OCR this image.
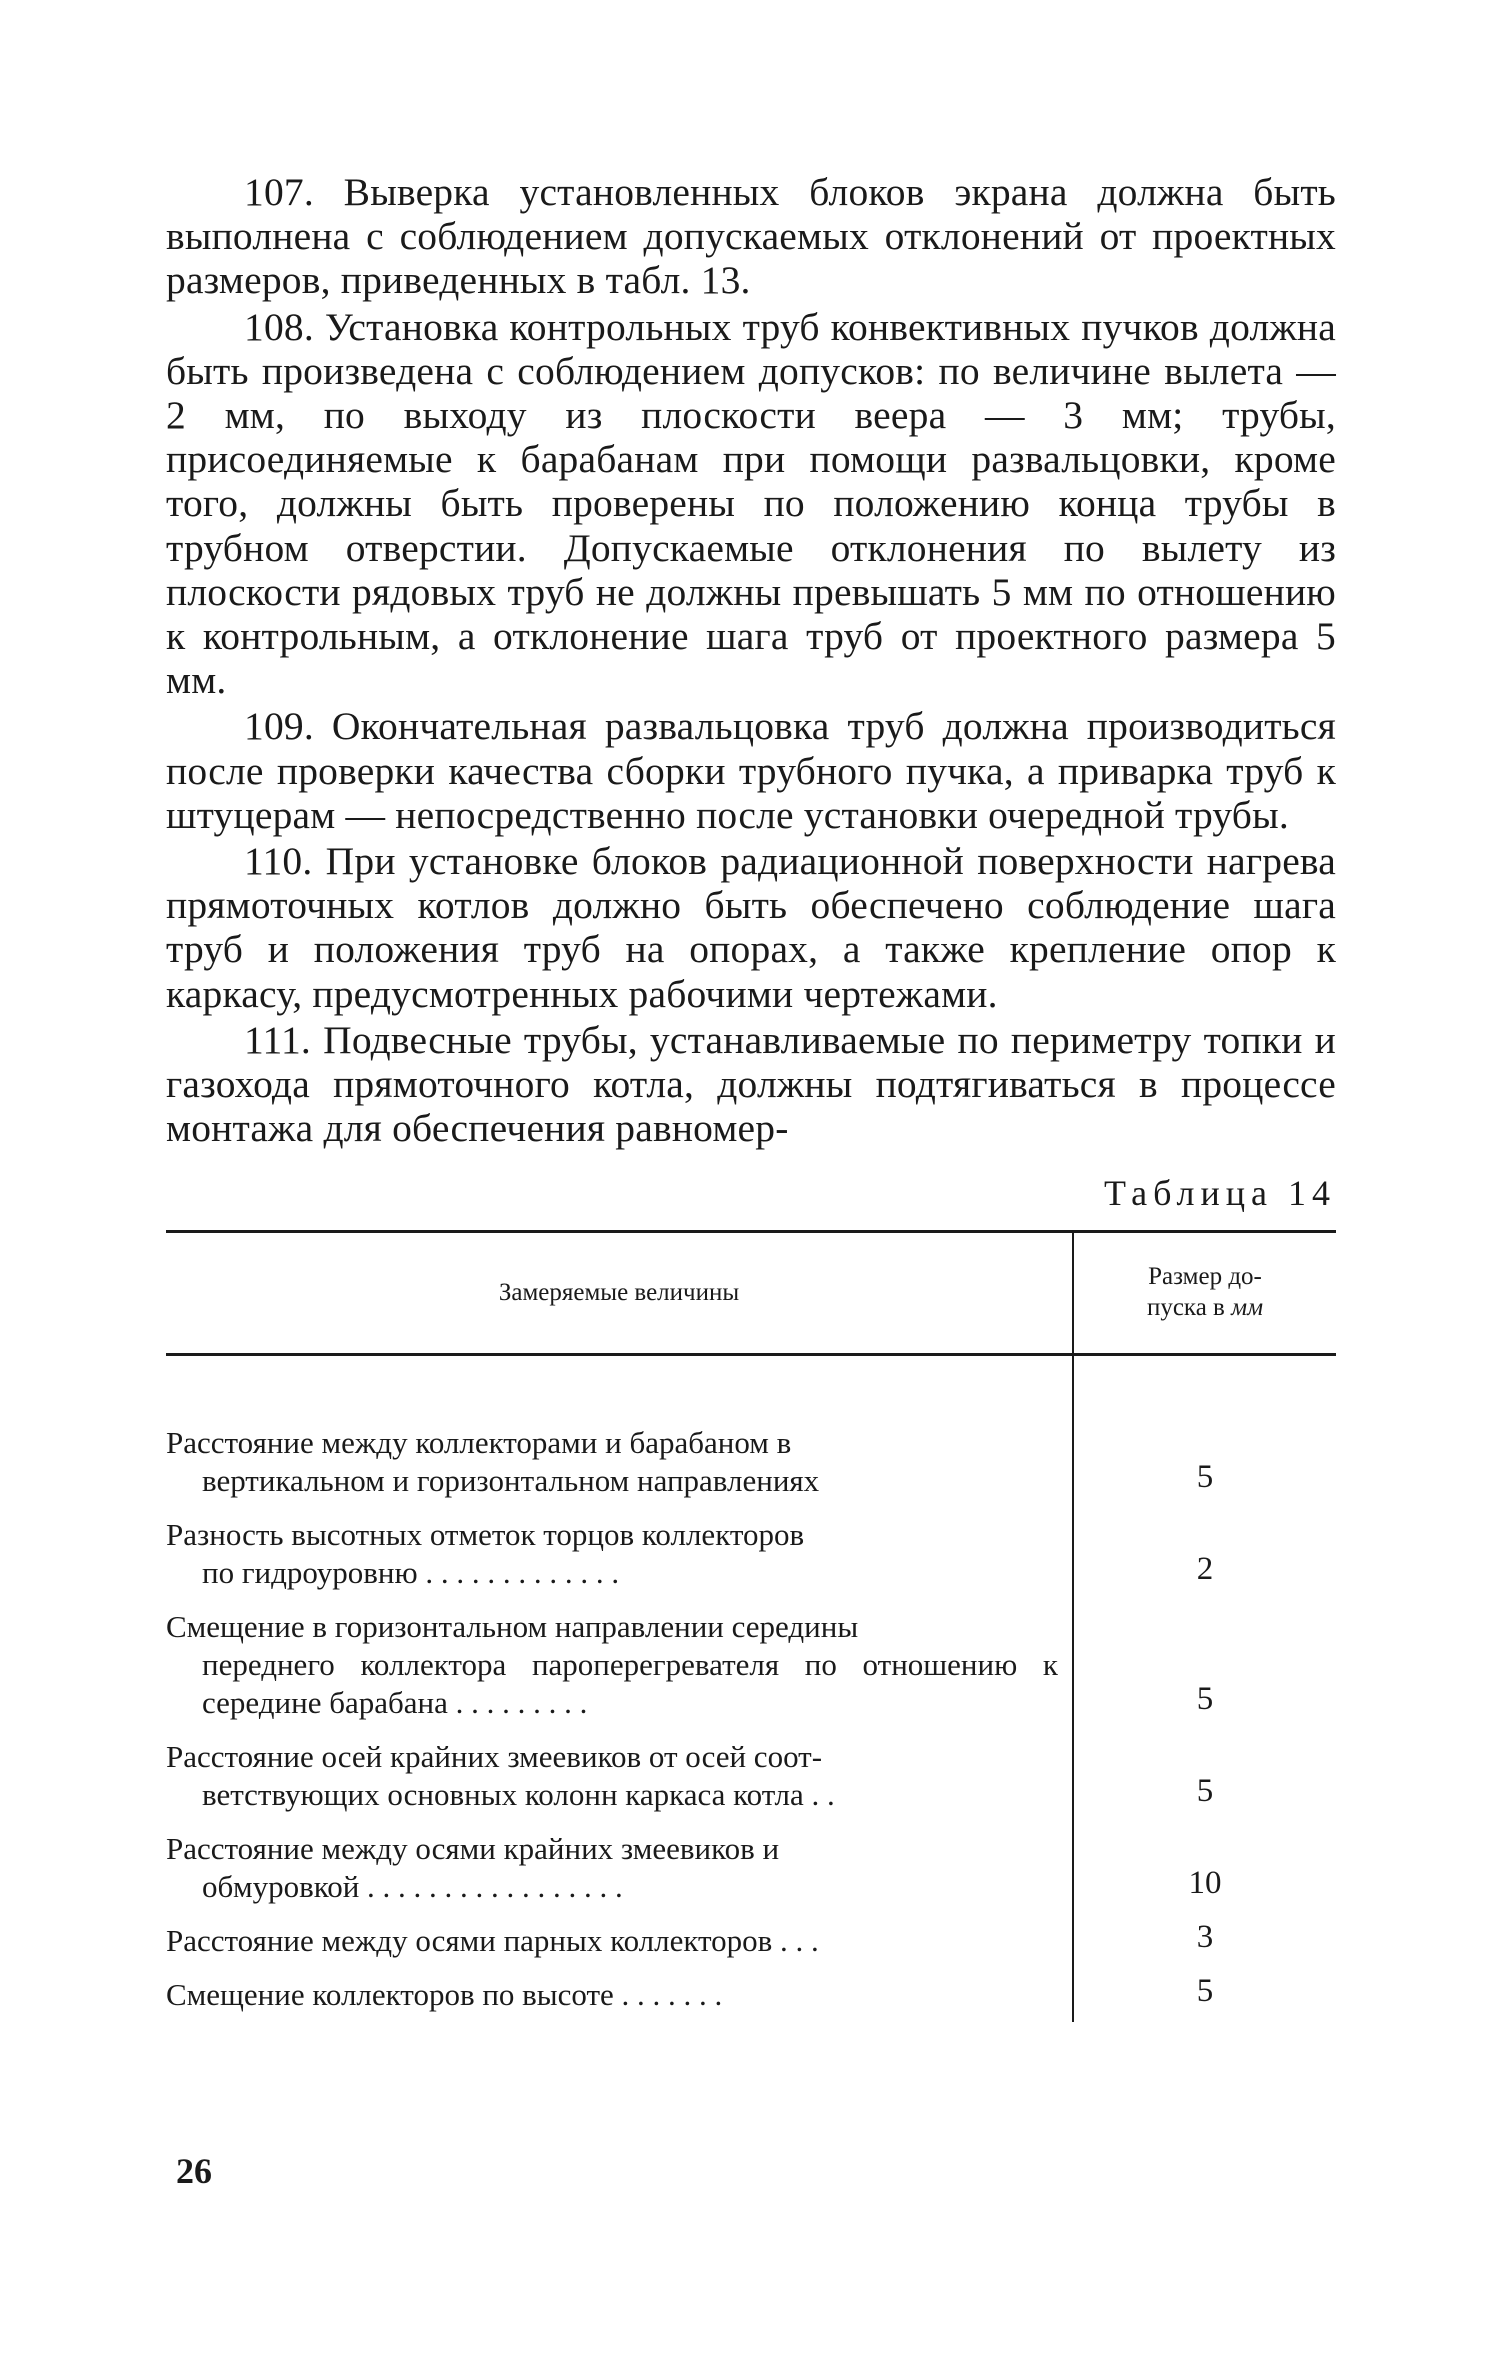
107. Выверка установленных блоков экрана должна быть выполнена с соблюдением допускаемых отклонений от проектных размеров, приведенных в табл. 13.

108. Установка контрольных труб конвективных пучков должна быть произведена с соблюдением допусков: по величине вылета — 2 мм, по выходу из плоскости веера — 3 мм; трубы, присоединяемые к барабанам при помощи развальцовки, кроме того, должны быть проверены по положению конца трубы в трубном отверстии. Допускаемые отклонения по вылету из плоскости рядовых труб не должны превышать 5 мм по отношению к контрольным, а отклонение шага труб от проектного размера 5 мм.

109. Окончательная развальцовка труб должна производиться после проверки качества сборки трубного пучка, а приварка труб к штуцерам — непосредственно после установки очередной трубы.

110. При установке блоков радиационной поверхности нагрева прямоточных котлов должно быть обеспечено соблюдение шага труб и положения труб на опорах, а также крепление опор к каркасу, предусмотренных рабочими чертежами.

111. Подвесные трубы, устанавливаемые по периметру топки и газохода прямоточного котла, должны подтягиваться в процессе монтажа для обеспечения равномер-

Таблица 14
Замеряемые величины	Размер до-
пуска в мм

Расстояние между коллекторами и барабаном в
вертикальном и горизонтальном направлениях	5

Разность высотных отметок торцов коллекторов
по гидроуровню . . . . . . . . . . . . .	2

Смещение в горизонтальном направлении середины
переднего коллектора пароперегревателя по отношению к середине барабана . . . . . . . . .	5

Расстояние осей крайних змеевиков от осей соот-
ветствующих основных колонн каркаса котла . .	5

Расстояние между осями крайних змеевиков и
обмуровкой . . . . . . . . . . . . . . . . .	10

Расстояние между осями парных коллекторов . . .	3

Смещение коллекторов по высоте . . . . . . .	5
26
